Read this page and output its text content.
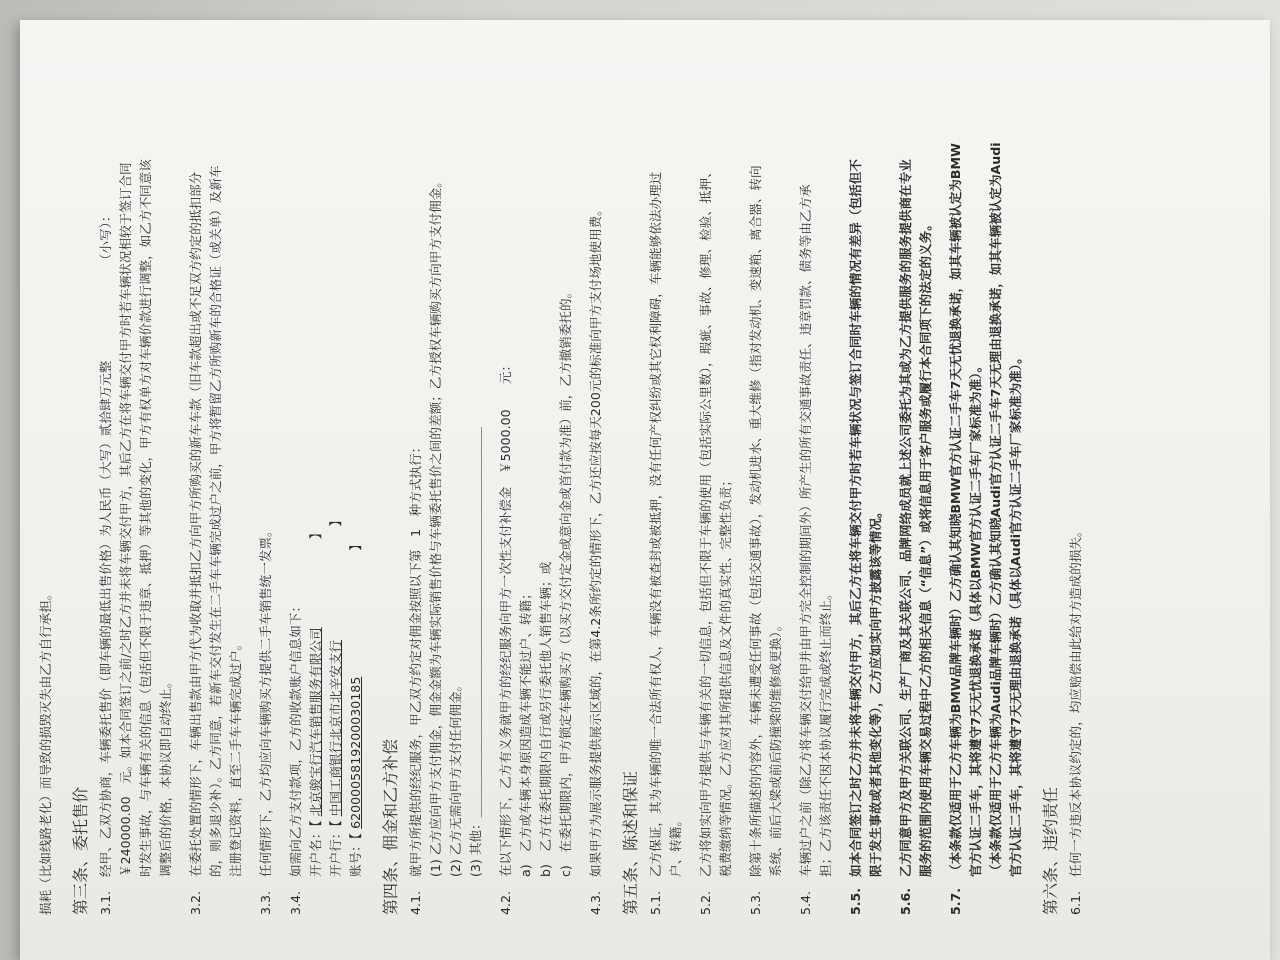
损耗（比如线路老化）而导致的损毁灭失由乙方自行承担。	第三条、委托售价 3.1.经甲、乙双方协商，车辆委托售价（即车辆的最低出售价格）为人民币（大写）贰拾肆万元整　　　　　　　　（小写）： ￥240000.00　元。如本合同签订之前/之时乙方并未将车辆交付甲方，其后乙方在将车辆交付甲方时若车辆状况相较于签订合同 时发生事故，与车辆有关的信息（包括但不限于违章、抵押）等其他的变化，甲方有权单方对车辆价款进行调整，如乙方不同意该 调整后的价格，本协议即自动终止。
3.2.在委托处置的情形下，车辆出售款由甲方代为收取并抵扣乙方向甲方所购买的新车车款（旧车款超出或不足双方约定的抵扣部分 的，则多退少补）。乙方同意，若新车交付发生在二手车车辆完成过户之前，甲方将暂留乙方所购新车的合格证（或关单）及新车 注册登记资料，直至二手车车辆完成过户。
3.3.任何情形下，乙方均应向车辆购买方提供二手车销售统一发票。
3.4.如需向乙方支付款项，乙方的收款账户信息如下： 开户名：【 北京骏宝行汽车销售服务有限公司　　　　　　　】
开户行：【 中国工商银行北京市北辛安支行　　　　　　　　　】
账号：【 6200005819200030185　　　　　　　　　　】
第四条、佣金和乙方补偿 4.1.就甲方所提供的经纪服务，甲乙双方约定对佣金按照以下第　1　种方式执行： (1) 乙方应向甲方支付佣金，佣金金额为车辆实际销售价格与车辆委托售价之间的差额；乙方授权车辆购买方向甲方支付佣金。 (2) 乙方无需向甲方支付任何佣金。 (3) 其他：＿＿＿＿＿＿＿＿＿＿＿＿＿＿＿＿＿＿＿＿＿＿＿＿＿＿＿＿＿＿＿
4.2.在以下情形下，乙方有义务就甲方的经纪服务向甲方一次性支付补偿金　￥5000.00　　元： a)　乙方或车辆本身原因造成车辆不能过户、转籍； b)　乙方在委托期限内自行或另行委托他人销售车辆；或 c)　在委托期限内，甲方锁定车辆购买方（以买方交付定金或意向金或首付款为准）前，乙方撤销委托的。
4.3.如果甲方为展示服务提供展示区域的，在第4.2条所约定的情形下，乙方还应按每天200元的标准向甲方支付场地使用费。	第五条、陈述和保证 5.1.乙方保证，其为车辆的唯一合法所有权人，车辆没有被查封或被抵押，没有任何产权纠纷或其它权利障碍，车辆能够依法办理过 户、转籍。
5.2.乙方将如实向甲方提供与车辆有关的一切信息，包括但不限于车辆的使用（包括实际公里数），瑕疵、事故、修理、检验、抵押、 税费缴纳等情况。乙方应对其所提供信息及文件的真实性、完整性负责；
5.3.除第十条所描述的内容外，车辆未遭受任何事故（包括交通事故），发动机进水、重大维修（指对发动机、变速箱、离合器、转向 系统、前后大梁或前后防撞梁的维修或更换）。
5.4.车辆过户之前（除乙方将车辆交付给甲并由甲方完全控制的期间外）所产生的所有交通事故责任、违章罚款、债务等由乙方承 担；乙方该责任不因本协议履行完成或终止而终止。
5.5.如本合同签订之时乙方并未将车辆交付甲方，其后乙方在将车辆交付甲方时若车辆状况与签订合同时车辆的情况有差异（包括但不 限于发生事故或者其他变化等），乙方应如实向甲方披露该等情况。
5.6.乙方同意甲方及甲方关联公司、生产厂商及其关联公司、品牌网络成员就上述公司委托为其或为乙方提供服务的服务提供商在专业 服务的范围内使用车辆交易过程中乙方的相关信息（“信息”）或将信息用于客户服务或履行本合同项下的法定的义务。
5.7.（本条款仅适用于乙方车辆为BMW品牌车辆时）乙方确认其知晓BMW官方认证二手车7天无忧退换承诺，如其车辆被认定为BMW 官方认证二手车，其将遵守7天无忧退换承诺（具体以BMW官方认证二手车厂家标准为准）。 （本条款仅适用于乙方车辆为Audi品牌车辆时）乙方确认其知晓Audi官方认证二手车7天无理由退换承诺，如其车辆被认定为Audi 官方认证二手车，其将遵守7天无理由退换承诺（具体以Audi官方认证二手车厂家标准为准）。	第六条、违约责任 6.1.任何一方违反本协议约定的，均应赔偿由此给对方造成的损失。
